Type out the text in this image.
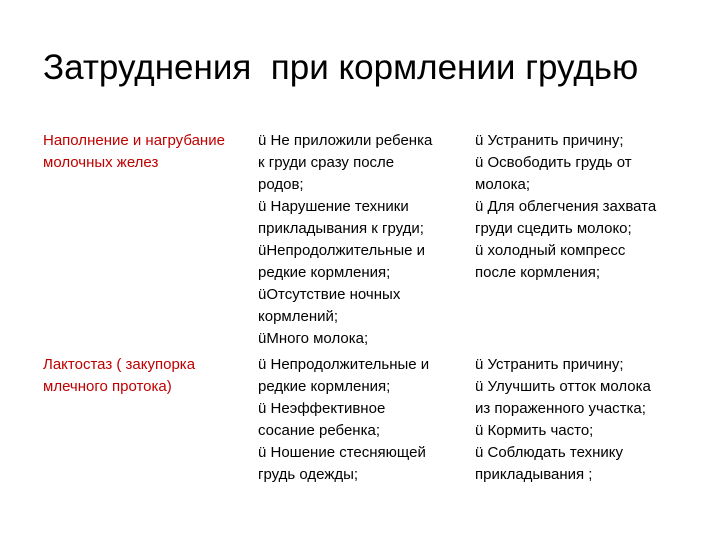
Затруднения  при кормлении грудью
Наполнение и нагрубание
молочных желез
ü Не приложили ребенка
к груди сразу после
родов;
ü Нарушение техники
прикладывания к груди;
üНепродолжительные и
редкие кормления;
üОтсутствие ночных
кормлений;
üМного молока;
ü Устранить причину;
ü Освободить грудь от
молока;
ü Для облегчения захвата
груди сцедить молоко;
ü холодный компресс
после кормления;
Лактостаз ( закупорка
млечного протока)
ü Непродолжительные и
редкие кормления;
ü Неэффективное
сосание ребенка;
ü Ношение стесняющей
грудь одежды;
ü Устранить причину;
ü Улучшить отток молока
из пораженного участка;
ü Кормить часто;
ü Соблюдать технику
прикладывания ;
